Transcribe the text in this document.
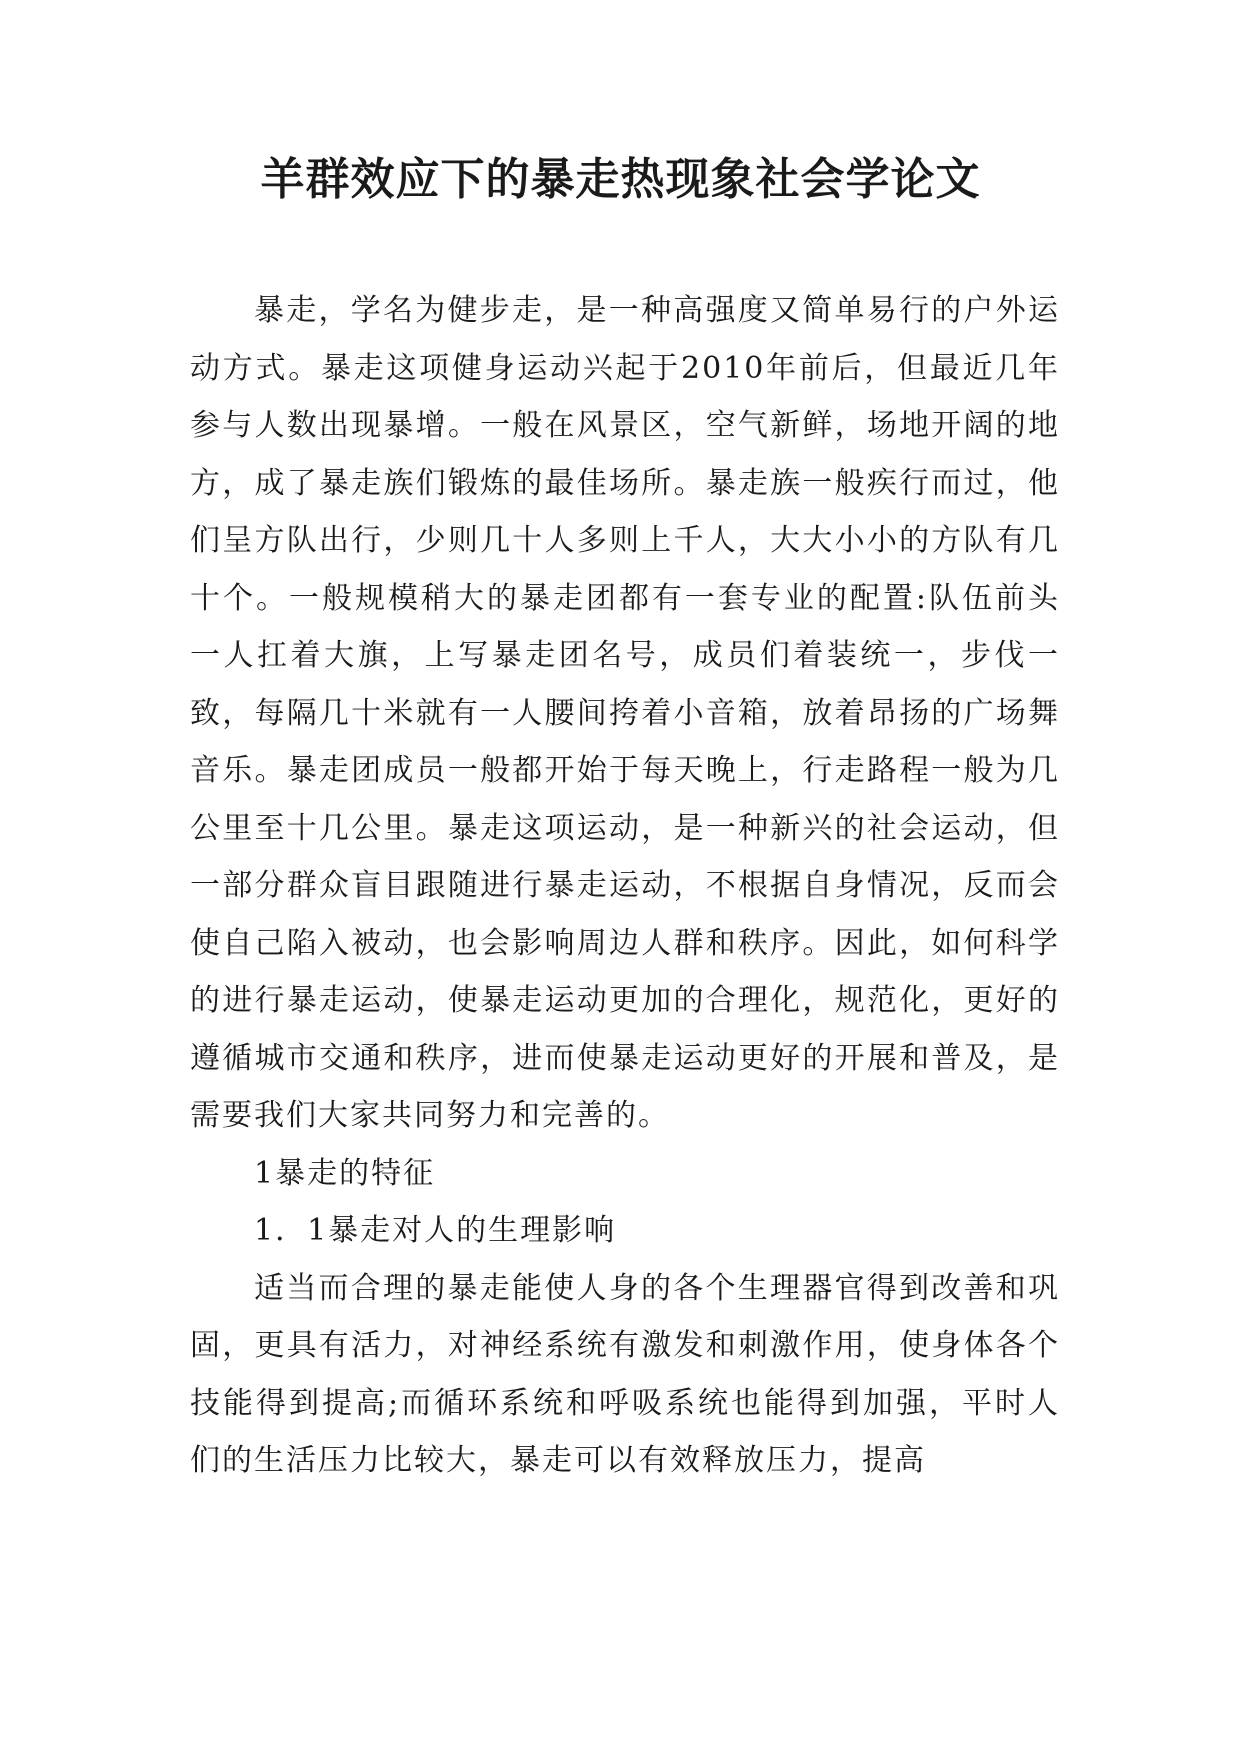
羊群效应下的暴走热现象社会学论文

暴走，学名为健步走，是一种高强度又简单易行的户外运动方式。暴走这项健身运动兴起于2010年前后，但最近几年参与人数出现暴增。一般在风景区，空气新鲜，场地开阔的地方，成了暴走族们锻炼的最佳场所。暴走族一般疾行而过，他们呈方队出行，少则几十人多则上千人，大大小小的方队有几十个。一般规模稍大的暴走团都有一套专业的配置:队伍前头一人扛着大旗，上写暴走团名号，成员们着装统一，步伐一致，每隔几十米就有一人腰间挎着小音箱，放着昂扬的广场舞音乐。暴走团成员一般都开始于每天晚上，行走路程一般为几公里至十几公里。暴走这项运动，是一种新兴的社会运动，但一部分群众盲目跟随进行暴走运动，不根据自身情况，反而会使自己陷入被动，也会影响周边人群和秩序。因此，如何科学的进行暴走运动，使暴走运动更加的合理化，规范化，更好的遵循城市交通和秩序，进而使暴走运动更好的开展和普及，是需要我们大家共同努力和完善的。

1暴走的特征

1．1暴走对人的生理影响

适当而合理的暴走能使人身的各个生理器官得到改善和巩固，更具有活力，对神经系统有激发和刺激作用，使身体各个技能得到提高;而循环系统和呼吸系统也能得到加强，平时人们的生活压力比较大，暴走可以有效释放压力，提高
